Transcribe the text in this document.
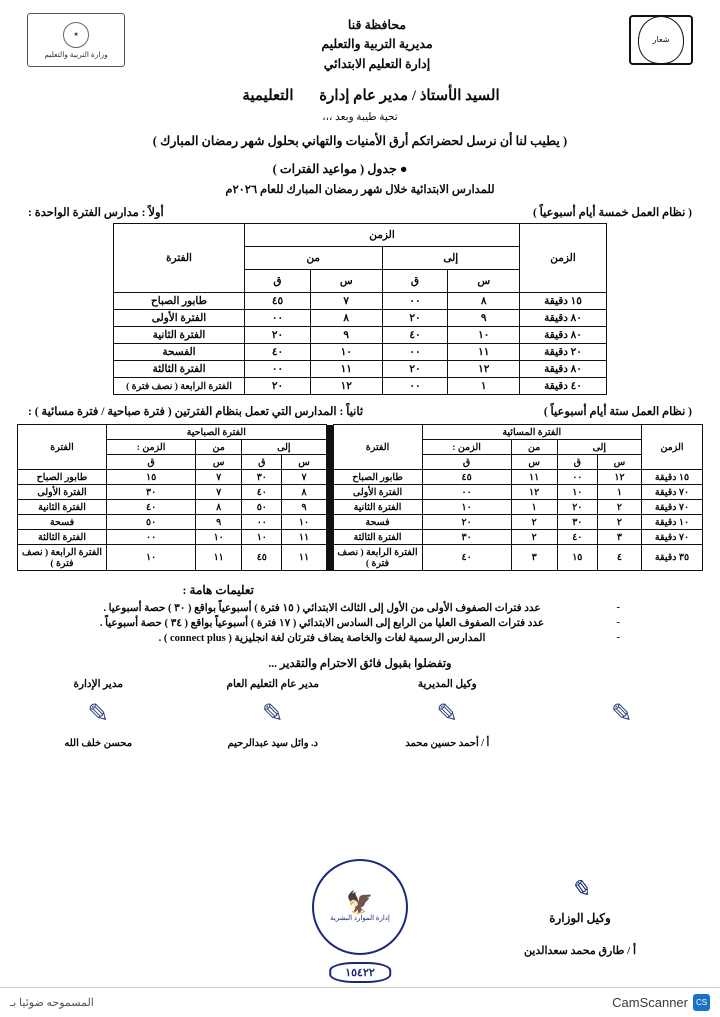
شعار
محافظة قنا
مديرية التربية والتعليم
إدارة التعليم الابتدائي
★
وزارة التربية والتعليم
السيد الأستاذ / مدير عام إدارة التعليمية
تحية طيبة وبعد ،،،
( يطيب لنا أن نرسل لحضراتكم أرق الأمنيات والتهاني بحلول شهر رمضان المبارك )
● جدول ( مواعيد الفترات )
للمدارس الابتدائية خلال شهر رمضان المبارك للعام ٢٠٢٦م
( نظام العمل خمسة أيام أسبوعياً )
أولاً : مدارس الفترة الواحدة :
الزمن	الزمن				الفترة
	إلى		من		
	س	ق	س	ق	
١٥ دقيقة	٨	٠٠	٧	٤٥	طابور الصباح
٨٠ دقيقة	٩	٢٠	٨	٠٠	الفترة الأولى
٨٠ دقيقة	١٠	٤٠	٩	٢٠	الفترة الثانية
٢٠ دقيقة	١١	٠٠	١٠	٤٠	الفسحة
٨٠ دقيقة	١٢	٢٠	١١	٠٠	الفترة الثالثة
٤٠ دقيقة	١	٠٠	١٢	٢٠	الفترة الرابعة ( نصف فترة )
( نظام العمل ستة أيام أسبوعياً )
ثانياً : المدارس التي تعمل بنظام الفترتين ( فترة صباحية / فترة مسائية ) :
الزمن	الفترة المسائية				الفترة		الفترة الصباحية				الفترة
	إلى		من	الزمن :			إلى		من	الزمن :	
	س	ق	س	ق			س	ق	س	ق	
١٥ دقيقة	١٢	٠٠	١١	٤٥	طابور الصباح		٧	٣٠	٧	١٥	طابور الصباح
٧٠ دقيقة	١	١٠	١٢	٠٠	الفترة الأولى		٨	٤٠	٧	٣٠	الفترة الأولى
٧٠ دقيقة	٢	٢٠	١	١٠	الفترة الثانية		٩	٥٠	٨	٤٠	الفترة الثانية
١٠ دقيقة	٢	٣٠	٢	٢٠	فسحة		١٠	٠٠	٩	٥٠	فسحة
٧٠ دقيقة	٣	٤٠	٢	٣٠	الفترة الثالثة		١١	١٠	١٠	٠٠	الفترة الثالثة
٣٥ دقيقة	٤	١٥	٣	٤٠	الفترة الرابعة ( نصف فترة )		١١	٤٥	١١	١٠	الفترة الرابعة ( نصف فترة )
تعليمات هامة :
- عدد فترات الصفوف الأولى من الأول إلى الثالث الابتدائي ( ١٥ فترة ) أسبوعياً بواقع ( ٣٠ ) حصة أسبوعيا .
- عدد فترات الصفوف العليا من الرابع إلى السادس الابتدائي ( ١٧ فترة ) أسبوعياً بواقع ( ٣٤ ) حصة أسبوعياً .
- المدارس الرسمية لغات والخاصة يضاف فترتان لغة انجليزية ( connect plus ) .
وتفضلوا بقبول فائق الاحترام والتقدير ...
✎
وكيل المديرية
✎
أ / أحمد حسين محمد
مدير عام التعليم العام
✎
د. وائل سيد عبدالرحيم
مدير الإدارة
✎
محسن خلف الله
✎
وكيل الوزارة
أ / طارق محمد سعدالدين
🦅
إدارة الموارد البشرية
١٥٤٢٢
CS
CamScanner
المسموحه ضوئيا بـ
